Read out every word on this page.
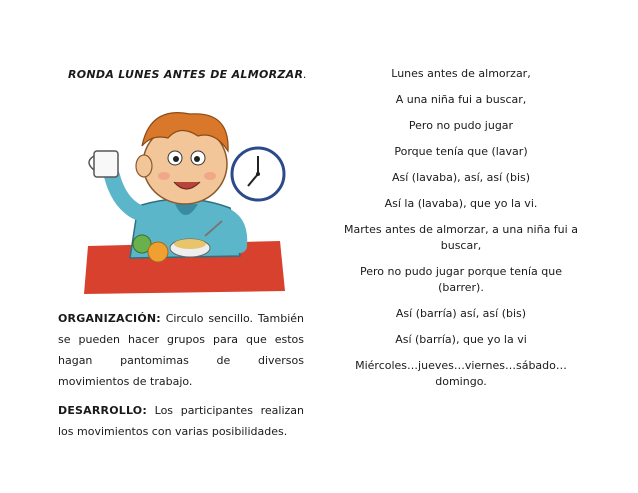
RONDA LUNES ANTES DE ALMORZAR.

ORGANIZACIÓN: Circulo sencillo. También se pueden hacer grupos para que estos hagan pantomimas de diversos movimientos de trabajo.

DESARROLLO: Los participantes realizan los movimientos con varias posibilidades.

Lunes antes de almorzar,
A una niña fui a buscar,
Pero no pudo jugar
Porque tenía que (lavar)
Así (lavaba), así, así (bis)
Así la (lavaba), que yo la vi.
Martes antes de almorzar, a una niña fui a buscar,
Pero no pudo jugar porque tenía que (barrer).
Así (barría) así, así (bis)
Así (barría), que yo la vi
Miércoles…jueves…viernes…sábado…domingo.
